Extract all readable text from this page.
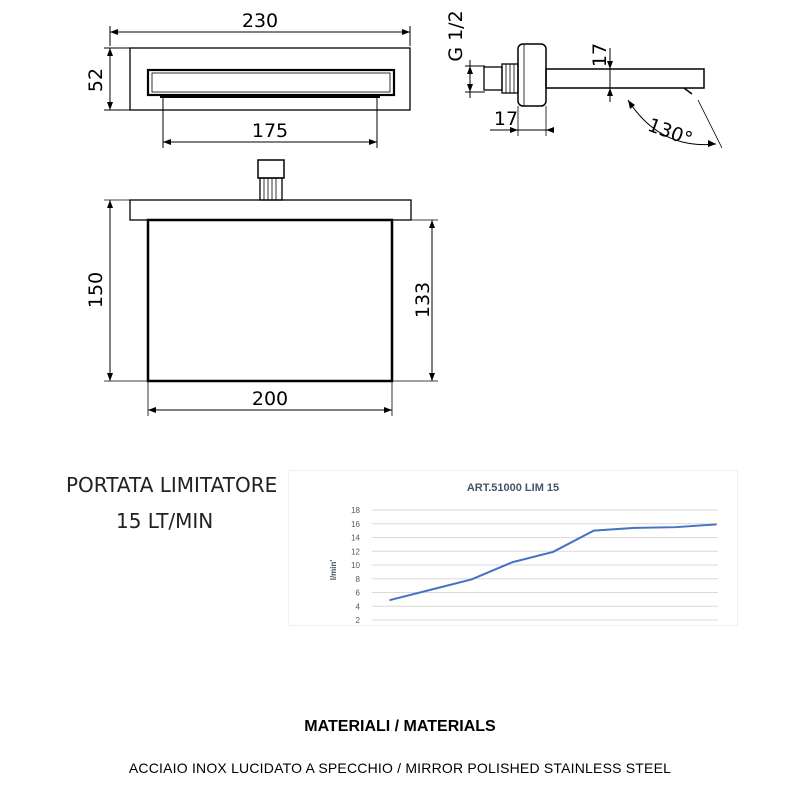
230
52
175
G 1/2	17
17	130°
150	133
200
PORTATA LIMITATORE
15 LT/MIN
ART.51000 LIM 15
l/min'
2
4
6
8
10
12
14
16
18
MATERIALI / MATERIALS
ACCIAIO INOX LUCIDATO A SPECCHIO / MIRROR POLISHED STAINLESS STEEL
